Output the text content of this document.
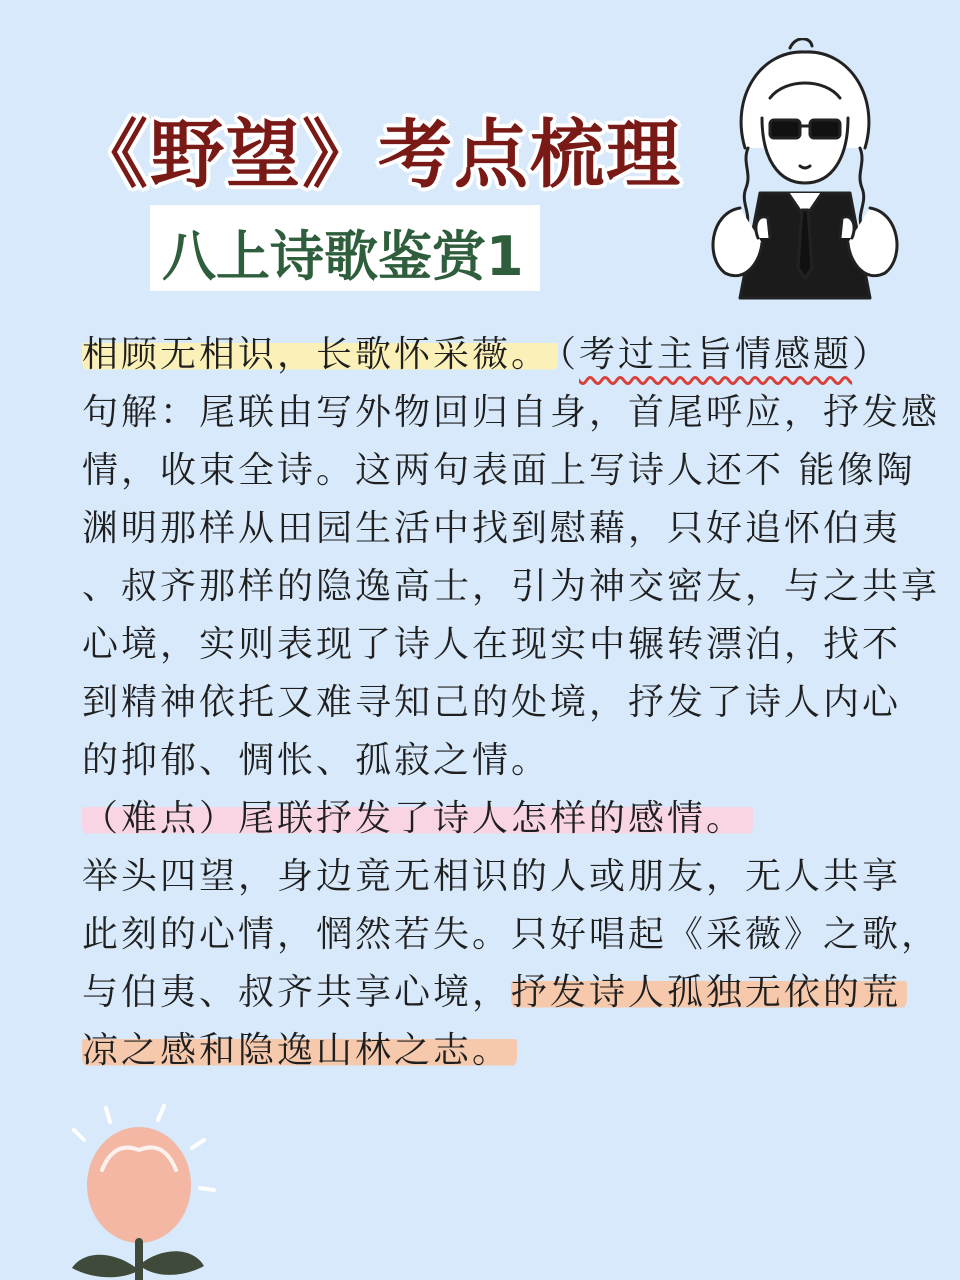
《野望》考点梳理
八上诗歌鉴赏1
相顾无相识，长歌怀采薇。 （考过主旨情感题）
句解：尾联由写外物回归自身，首尾呼应，抒发感
情，收束全诗。这两句表面上写诗人还不 能像陶
渊明那样从田园生活中找到慰藉，只好追怀伯夷
、叔齐那样的隐逸高士，引为神交密友，与之共享
心境，实则表现了诗人在现实中辗转漂泊，找不
到精神依托又难寻知己的处境，抒发了诗人内心
的抑郁、惆怅、孤寂之情。
（难点）尾联抒发了诗人怎样的感情。
举头四望，身边竟无相识的人或朋友，无人共享
此刻的心情，惘然若失。只好唱起《采薇》之歌，
与伯夷、叔齐共享心境，抒发诗人孤独无依的荒
凉之感和隐逸山林之志。
